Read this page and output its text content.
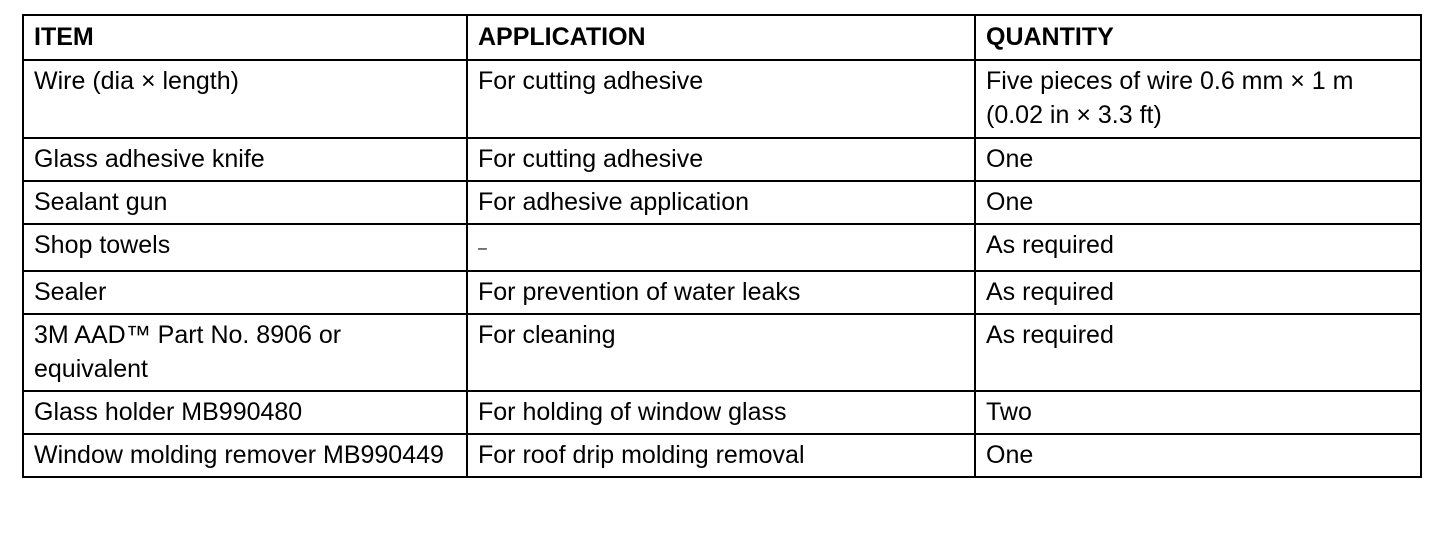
ITEM	APPLICATION	QUANTITY
Wire (dia × length)	For cutting adhesive	Five pieces of wire 0.6 mm × 1 m (0.02 in × 3.3 ft)
Glass adhesive knife	For cutting adhesive	One
Sealant gun	For adhesive application	One
Shop towels	–	As required
Sealer	For prevention of water leaks	As required
3M AAD™ Part No. 8906 or equivalent	For cleaning	As required
Glass holder MB990480	For holding of window glass	Two
Window molding remover MB990449	For roof drip molding removal	One
